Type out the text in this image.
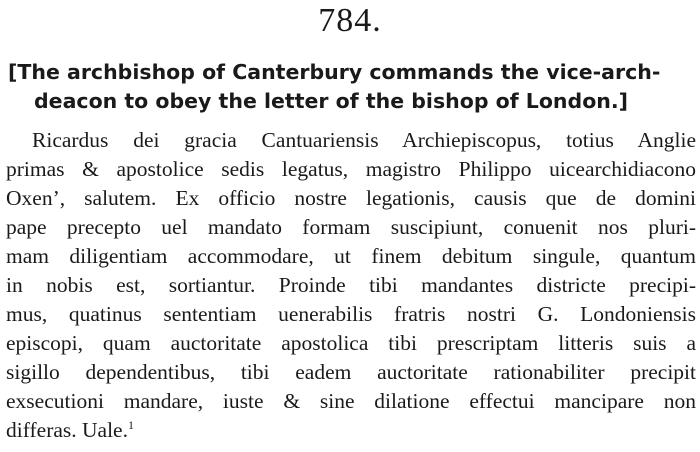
784.
[The archbishop of Canterbury commands the vice-arch-
deacon to obey the letter of the bishop of London.]
Ricardus dei gracia Cantuariensis Archiepiscopus, totius Anglie
primas & apostolice sedis legatus, magistro Philippo uicearchidiacono
Oxen’, salutem. Ex officio nostre legationis, causis que de domini
pape precepto uel mandato formam suscipiunt, conuenit nos pluri-
mam diligentiam accommodare, ut finem debitum singule, quantum
in nobis est, sortiantur. Proinde tibi mandantes districte precipi-
mus, quatinus sententiam uenerabilis fratris nostri G. Londoniensis
episcopi, quam auctoritate apostolica tibi prescriptam litteris suis a
sigillo dependentibus, tibi eadem auctoritate rationabiliter precipit
exsecutioni mandare, iuste & sine dilatione effectui mancipare non
differas. Uale.$^1$
